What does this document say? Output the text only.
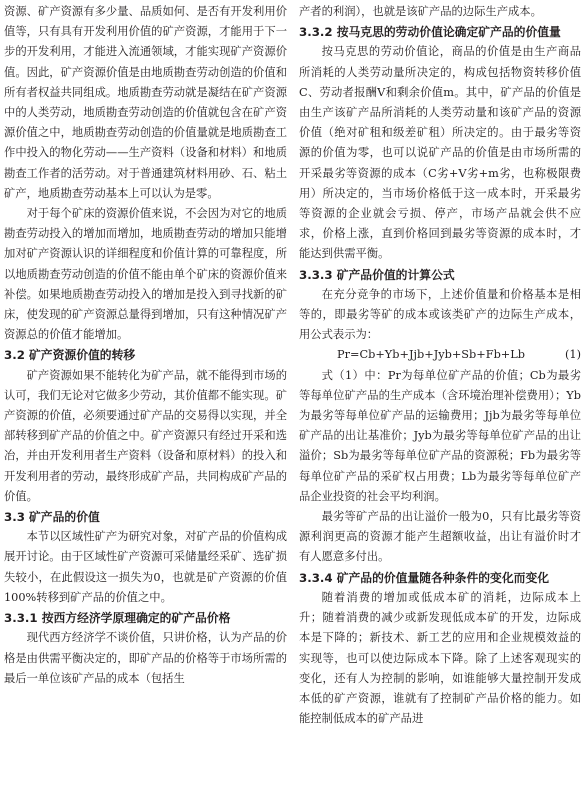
资源、矿产资源有多少量、品质如何、是否有开发利用价值等，只有具有开发利用价值的矿产资源，才能用于下一步的开发利用，才能进入流通领域，才能实现矿产资源价值。因此，矿产资源价值是由地质勘查劳动创造的价值和所有者权益共同组成。地质勘查劳动就是凝结在矿产资源中的人类劳动，地质勘查劳动创造的价值就包含在矿产资源价值之中，地质勘查劳动创造的价值量就是地质勘查工作中投入的物化劳动——生产资料（设备和材料）和地质勘查工作者的活劳动。对于普通建筑材料用砂、石、粘土矿产，地质勘查劳动基本上可以认为是零。

对于每个矿床的资源价值来说，不会因为对它的地质勘查劳动投入的增加而增加，地质勘查劳动的增加只能增加对矿产资源认识的详细程度和价值计算的可靠程度，所以地质勘查劳动创造的价值不能由单个矿床的资源价值来补偿。如果地质勘查劳动投入的增加是投入到寻找新的矿床，使发现的矿产资源总量得到增加，只有这种情况矿产资源总的价值才能增加。

3.2 矿产资源价值的转移

矿产资源如果不能转化为矿产品，就不能得到市场的认可，我们无论对它做多少劳动，其价值都不能实现。矿产资源的价值，必须要通过矿产品的交易得以实现，并全部转移到矿产品的价值之中。矿产资源只有经过开采和选冶，并由开发利用者生产资料（设备和原材料）的投入和开发利用者的劳动，最终形成矿产品，共同构成矿产品的价值。

3.3 矿产品的价值

本节以区域性矿产为研究对象，对矿产品的价值构成展开讨论。由于区域性矿产资源可采储量经采矿、选矿损失较小，在此假设这一损失为0，也就是矿产资源的价值100%转移到矿产品的价值之中。

3.3.1 按西方经济学原理确定的矿产品价格

现代西方经济学不谈价值，只讲价格，认为产品的价格是由供需平衡决定的，即矿产品的价格等于市场所需的最后一单位该矿产品的成本（包括生

产者的利润），也就是该矿产品的边际生产成本。

3.3.2 按马克思的劳动价值论确定矿产品的价值量

按马克思的劳动价值论，商品的价值是由生产商品所消耗的人类劳动量所决定的，构成包括物资转移价值C、劳动者报酬V和剩余价值m。其中，矿产品的价值是由生产该矿产品所消耗的人类劳动量和该矿产品的资源价值（绝对矿租和级差矿租）所决定的。由于最劣等资源的价值为零，也可以说矿产品的价值是由市场所需的开采最劣等资源的成本（C劣+V劣+m劣，也称极限费用）所决定的，当市场价格低于这一成本时，开采最劣等资源的企业就会亏损、停产，市场产品就会供不应求，价格上涨，直到价格回到最劣等资源的成本时，才能达到供需平衡。

3.3.3 矿产品价值的计算公式

在充分竞争的市场下，上述价值量和价格基本是相等的，即最劣等矿的成本或该类矿产的边际生产成本，用公式表示为：

Pr=Cb+Yb+Jjb+Jyb+Sb+Fb+Lb	(1)

式（1）中：Pr为每单位矿产品的价值；Cb为最劣等每单位矿产品的生产成本（含环境治理补偿费用）；Yb为最劣等每单位矿产品的运输费用；Jjb为最劣等每单位矿产品的出让基准价；Jyb为最劣等每单位矿产品的出让溢价；Sb为最劣等每单位矿产品的资源税；Fb为最劣等每单位矿产品的采矿权占用费；Lb为最劣等每单位矿产品企业投资的社会平均利润。

最劣等矿产品的出让溢价一般为0，只有比最劣等资源利润更高的资源才能产生超额收益，出让有溢价时才有人愿意多付出。

3.3.4 矿产品的价值量随各种条件的变化而变化

随着消费的增加或低成本矿的消耗，边际成本上升；随着消费的减少或新发现低成本矿的开发，边际成本是下降的；新技术、新工艺的应用和企业规模效益的实现等，也可以使边际成本下降。除了上述客观现实的变化，还有人为控制的影响，如谁能够大量控制开发成本低的矿产资源，谁就有了控制矿产品价格的能力。如能控制低成本的矿产品进
